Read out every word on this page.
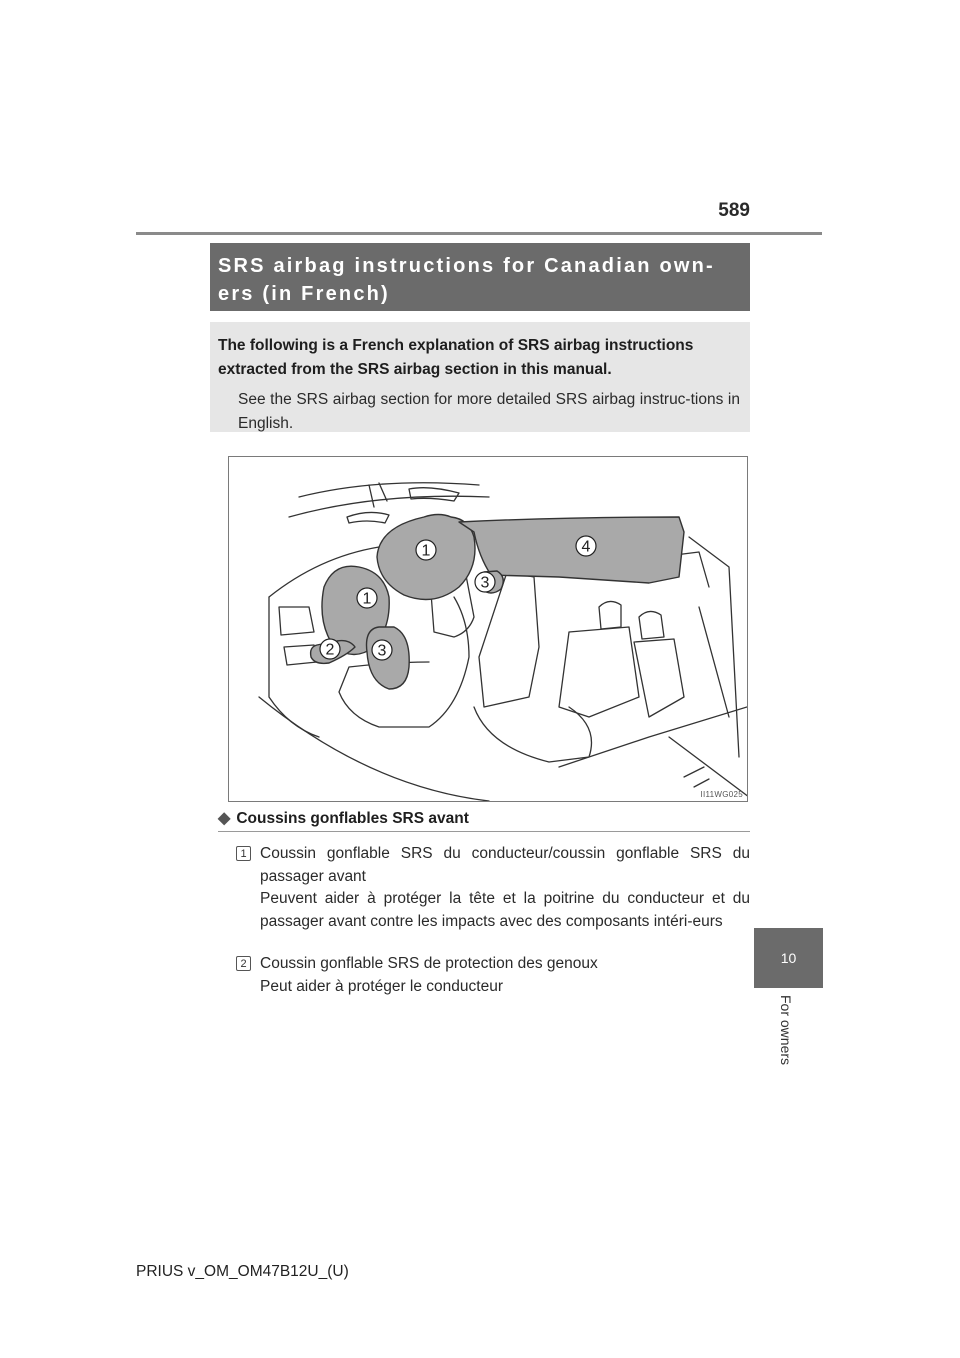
589
SRS airbag instructions for Canadian own-
ers (in French)
The following is a French explanation of SRS airbag instructions extracted from the SRS airbag section in this manual.
See the SRS airbag section for more detailed SRS airbag instruc-tions in English.
1
1
2	3
3
4
II11WG025
◆ Coussins gonflables SRS avant
1 Coussin gonflable SRS du conducteur/coussin gonflable SRS du passager avant
Peuvent aider à protéger la tête et la poitrine du conducteur et du passager avant contre les impacts avec des composants intéri-eurs
2 Coussin gonflable SRS de protection des genoux
Peut aider à protéger le conducteur
10
For owners
PRIUS v_OM_OM47B12U_(U)
